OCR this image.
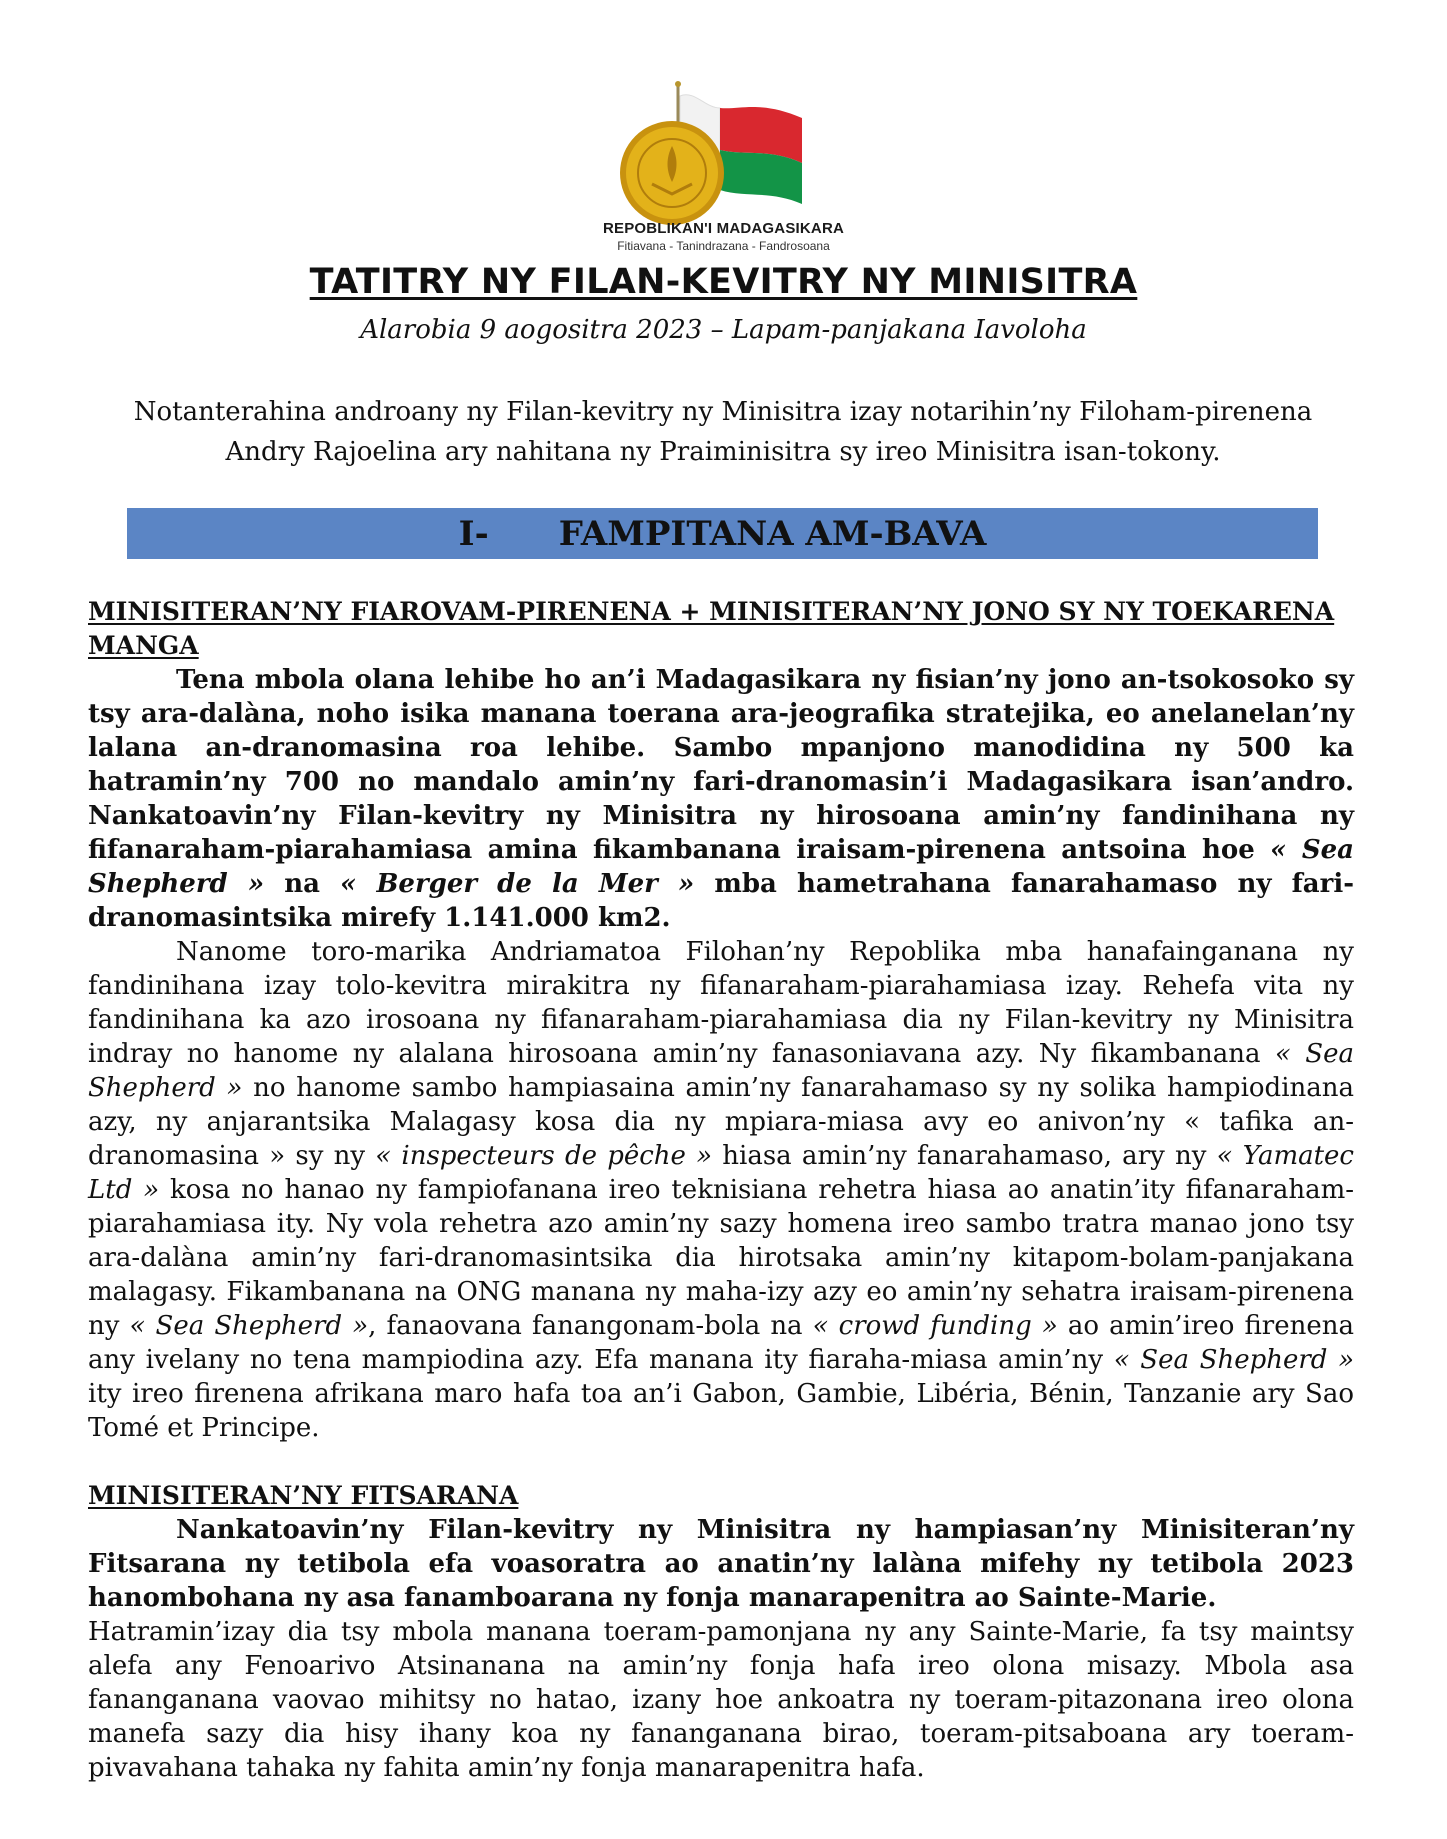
REPOBLIKAN'I MADAGASIKARA
Fitiavana - Tanindrazana - Fandrosoana
TATITRY NY FILAN-KEVITRY NY MINISITRA
Alarobia 9 aogositra 2023 – Lapam-panjakana Iavoloha

Notanterahina androany ny Filan-kevitry ny Minisitra izay notarihin’ny Filoham-pirenena Andry Rajoelina ary nahitana ny Praiminisitra sy ireo Minisitra isan-tokony.

I- FAMPITANA AM-BAVA
MINISITERAN’NY FIAROVAM-PIRENENA + MINISITERAN’NY JONO SY NY TOEKARENA MANGA

Tena mbola olana lehibe ho an’i Madagasikara ny fisian’ny jono an-tsokosoko sy tsy ara-dalàna, noho isika manana toerana ara-jeografika stratejika, eo anelanelan’ny lalana an-dranomasina roa lehibe. Sambo mpanjono manodidina ny 500 ka hatramin’ny 700 no mandalo amin’ny fari-dranomasin’i Madagasikara isan’andro. Nankatoavin’ny Filan-kevitry ny Minisitra ny hirosoana amin’ny fandinihana ny fifanaraham-piarahamiasa amina fikambanana iraisam-pirenena antsoina hoe « Sea Shepherd » na « Berger de la Mer » mba hametrahana fanarahamaso ny fari-dranomasintsika mirefy 1.141.000 km2.

Nanome toro-marika Andriamatoa Filohan’ny Repoblika mba hanafainganana ny fandinihana izay tolo-kevitra mirakitra ny fifanaraham-piarahamiasa izay. Rehefa vita ny fandinihana ka azo irosoana ny fifanaraham-piarahamiasa dia ny Filan-kevitry ny Minisitra indray no hanome ny alalana hirosoana amin’ny fanasoniavana azy. Ny fikambanana « Sea Shepherd » no hanome sambo hampiasaina amin’ny fanarahamaso sy ny solika hampiodinana azy, ny anjarantsika Malagasy kosa dia ny mpiara-miasa avy eo anivon’ny « tafika an-dranomasina » sy ny « inspecteurs de pêche » hiasa amin’ny fanarahamaso, ary ny « Yamatec Ltd » kosa no hanao ny fampiofanana ireo teknisiana rehetra hiasa ao anatin’ity fifanaraham-piarahamiasa ity. Ny vola rehetra azo amin’ny sazy homena ireo sambo tratra manao jono tsy ara-dalàna amin’ny fari-dranomasintsika dia hirotsaka amin’ny kitapom-bolam-panjakana malagasy. Fikambanana na ONG manana ny maha-izy azy eo amin’ny sehatra iraisam-pirenena ny « Sea Shepherd », fanaovana fanangonam-bola na « crowd funding » ao amin’ireo firenena any ivelany no tena mampiodina azy. Efa manana ity fiaraha-miasa amin’ny « Sea Shepherd » ity ireo firenena afrikana maro hafa toa an’i Gabon, Gambie, Libéria, Bénin, Tanzanie ary Sao Tomé et Principe.

MINISITERAN’NY FITSARANA

Nankatoavin’ny Filan-kevitry ny Minisitra ny hampiasan’ny Minisiteran’ny Fitsarana ny tetibola efa voasoratra ao anatin’ny lalàna mifehy ny tetibola 2023 hanombohana ny asa fanamboarana ny fonja manarapenitra ao Sainte-Marie.

Hatramin’izay dia tsy mbola manana toeram-pamonjana ny any Sainte-Marie, fa tsy maintsy alefa any Fenoarivo Atsinanana na amin’ny fonja hafa ireo olona misazy. Mbola asa fananganana vaovao mihitsy no hatao, izany hoe ankoatra ny toeram-pitazonana ireo olona manefa sazy dia hisy ihany koa ny fananganana birao, toeram-pitsaboana ary toeram-pivavahana tahaka ny fahita amin’ny fonja manarapenitra hafa.
